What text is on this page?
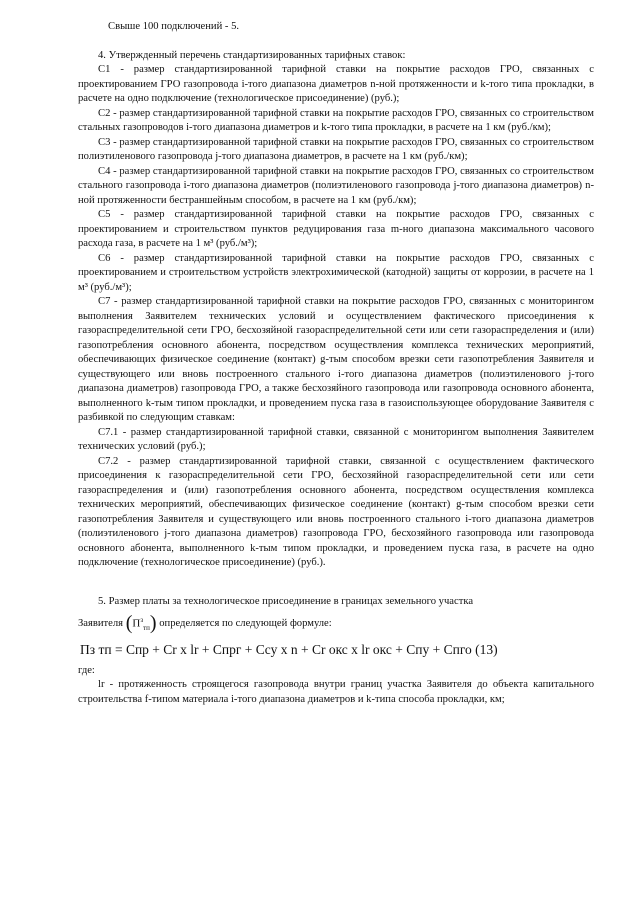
Свыше 100 подключений - 5.

4. Утвержденный перечень стандартизированных тарифных ставок:

C1 - размер стандартизированной тарифной ставки на покрытие расходов ГРО, связанных с проектированием ГРО газопровода i-того диапазона диаметров n-ной протяженности и k-того типа прокладки, в расчете на одно подключение (технологическое присоединение) (руб.);

C2 - размер стандартизированной тарифной ставки на покрытие расходов ГРО, связанных со строительством стальных газопроводов i-того диапазона диаметров и k-того типа прокладки, в расчете на 1 км (руб./км);

C3 - размер стандартизированной тарифной ставки на покрытие расходов ГРО, связанных со строительством полиэтиленового газопровода j-того диапазона диаметров, в расчете на 1 км (руб./км);

C4 - размер стандартизированной тарифной ставки на покрытие расходов ГРО, связанных со строительством стального газопровода i-того диапазона диаметров (полиэтиленового газопровода j-того диапазона диаметров) n-ной протяженности бестраншейным способом, в расчете на 1 км (руб./км);

C5 - размер стандартизированной тарифной ставки на покрытие расходов ГРО, связанных с проектированием и строительством пунктов редуцирования газа m-ного диапазона максимального часового расхода газа, в расчете на 1 м³ (руб./м³);

C6 - размер стандартизированной тарифной ставки на покрытие расходов ГРО, связанных с проектированием и строительством устройств электрохимической (катодной) защиты от коррозии, в расчете на 1 м³ (руб./м³);

C7 - размер стандартизированной тарифной ставки на покрытие расходов ГРО, связанных с мониторингом выполнения Заявителем технических условий и осуществлением фактического присоединения к газораспределительной сети ГРО, бесхозяйной газораспределительной сети или сети газораспределения и (или) газопотребления основного абонента, посредством осуществления комплекса технических мероприятий, обеспечивающих физическое соединение (контакт) g-тым способом врезки сети газопотребления Заявителя и существующего или вновь построенного стального i-того диапазона диаметров (полиэтиленового j-того диапазона диаметров) газопровода ГРО, а также бесхозяйного газопровода или газопровода основного абонента, выполненного k-тым типом прокладки, и проведением пуска газа в газоиспользующее оборудование Заявителя с разбивкой по следующим ставкам:

C7.1 - размер стандартизированной тарифной ставки, связанной с мониторингом выполнения Заявителем технических условий (руб.);

C7.2 - размер стандартизированной тарифной ставки, связанной с осуществлением фактического присоединения к газораспределительной сети ГРО, бесхозяйной газораспределительной сети или сети газораспределения и (или) газопотребления основного абонента, посредством осуществления комплекса технических мероприятий, обеспечивающих физическое соединение (контакт) g-тым способом врезки сети газопотребления Заявителя и существующего или вновь построенного стального i-того диапазона диаметров (полиэтиленового j-того диапазона диаметров) газопровода ГРО, бесхозяйного газопровода или газопровода основного абонента, выполненного k-тым типом прокладки, и проведением пуска газа, в расчете на одно подключение (технологическое присоединение) (руб.).

5. Размер платы за технологическое присоединение в границах земельного участка

Заявителя $(П^з_{тп})$ определяется по следующей формуле:

Пз тп = Cпр + Cr x lr + Cпрг + Cсу x n + Cr окс x lr окс + Cпу + Cпго (13)

где:

lr - протяженность строящегося газопровода внутри границ участка Заявителя до объекта капитального строительства f-типом материала i-того диапазона диаметров и k-типа способа прокладки, км;
